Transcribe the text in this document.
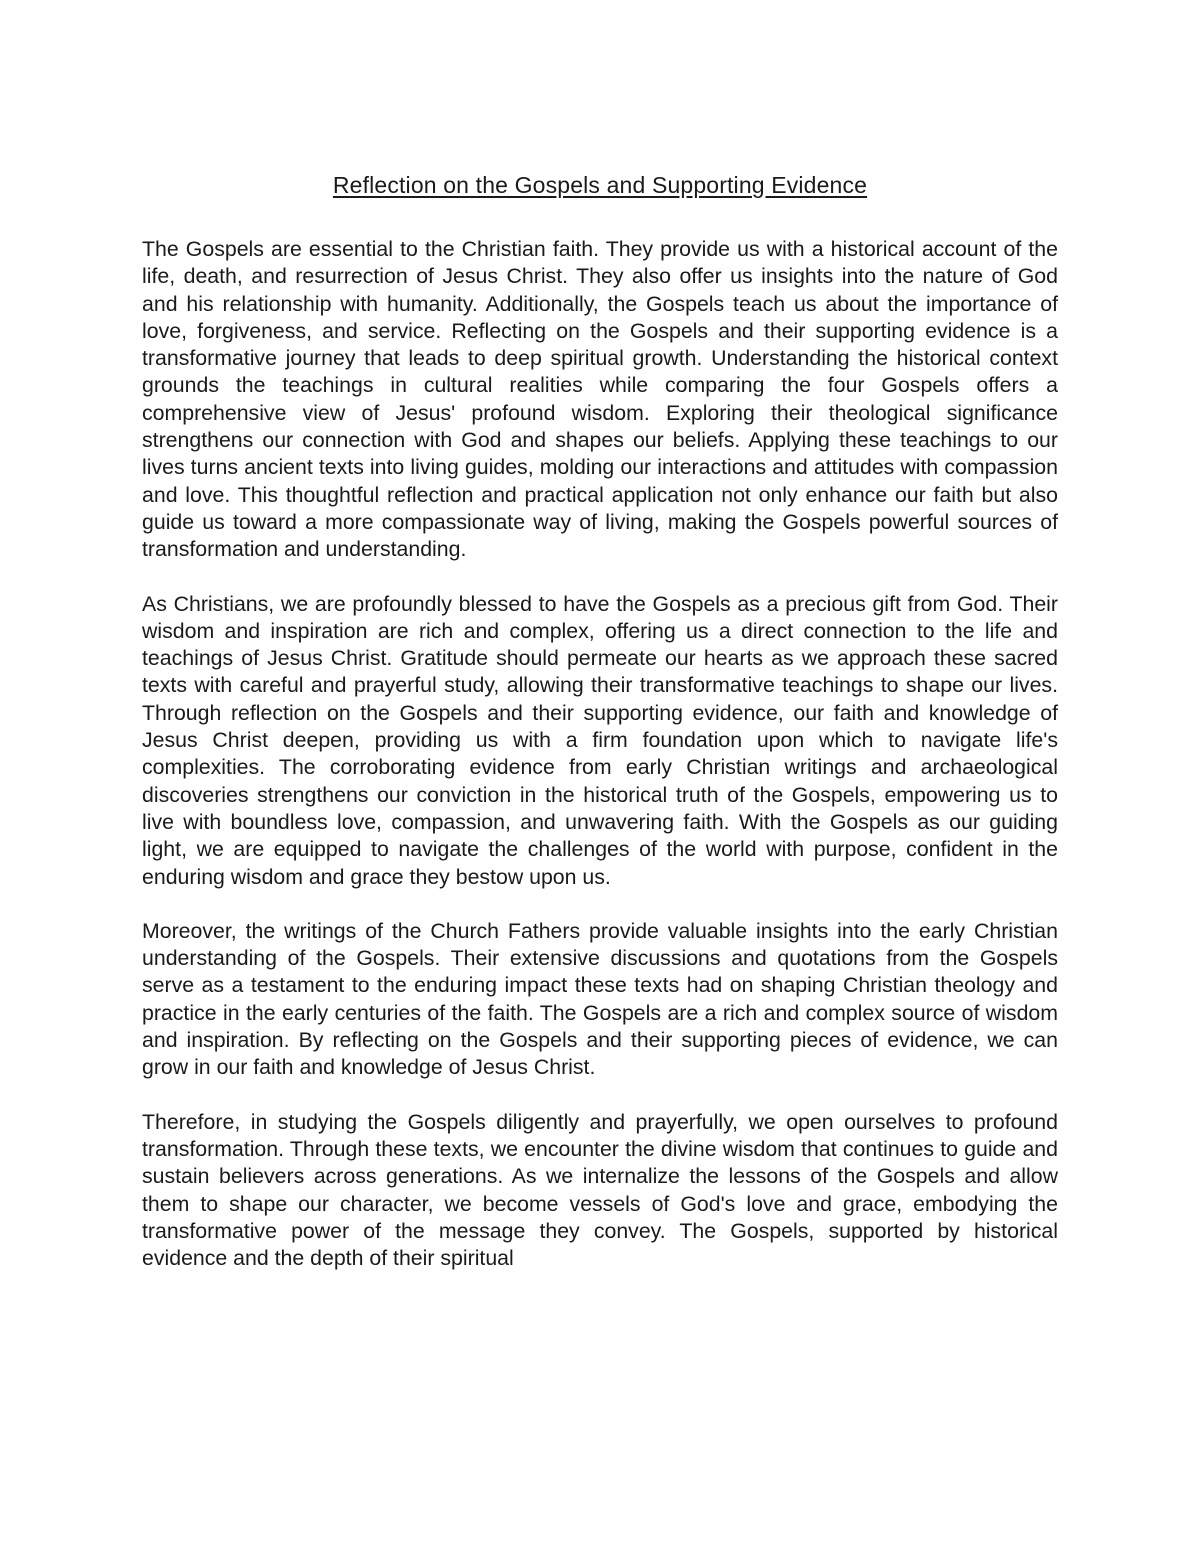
Reflection on the Gospels and Supporting Evidence

The Gospels are essential to the Christian faith. They provide us with a historical account of the life, death, and resurrection of Jesus Christ. They also offer us insights into the nature of God and his relationship with humanity. Additionally, the Gospels teach us about the importance of love, forgiveness, and service. Reflecting on the Gospels and their supporting evidence is a transformative journey that leads to deep spiritual growth. Understanding the historical context grounds the teachings in cultural realities while comparing the four Gospels offers a comprehensive view of Jesus' profound wisdom. Exploring their theological significance strengthens our connection with God and shapes our beliefs. Applying these teachings to our lives turns ancient texts into living guides, molding our interactions and attitudes with compassion and love. This thoughtful reflection and practical application not only enhance our faith but also guide us toward a more compassionate way of living, making the Gospels powerful sources of transformation and understanding.

As Christians, we are profoundly blessed to have the Gospels as a precious gift from God. Their wisdom and inspiration are rich and complex, offering us a direct connection to the life and teachings of Jesus Christ. Gratitude should permeate our hearts as we approach these sacred texts with careful and prayerful study, allowing their transformative teachings to shape our lives. Through reflection on the Gospels and their supporting evidence, our faith and knowledge of Jesus Christ deepen, providing us with a firm foundation upon which to navigate life's complexities. The corroborating evidence from early Christian writings and archaeological discoveries strengthens our conviction in the historical truth of the Gospels, empowering us to live with boundless love, compassion, and unwavering faith. With the Gospels as our guiding light, we are equipped to navigate the challenges of the world with purpose, confident in the enduring wisdom and grace they bestow upon us.

Moreover, the writings of the Church Fathers provide valuable insights into the early Christian understanding of the Gospels. Their extensive discussions and quotations from the Gospels serve as a testament to the enduring impact these texts had on shaping Christian theology and practice in the early centuries of the faith. The Gospels are a rich and complex source of wisdom and inspiration. By reflecting on the Gospels and their supporting pieces of evidence, we can grow in our faith and knowledge of Jesus Christ.

Therefore, in studying the Gospels diligently and prayerfully, we open ourselves to profound transformation. Through these texts, we encounter the divine wisdom that continues to guide and sustain believers across generations. As we internalize the lessons of the Gospels and allow them to shape our character, we become vessels of God's love and grace, embodying the transformative power of the message they convey. The Gospels, supported by historical evidence and the depth of their spiritual
